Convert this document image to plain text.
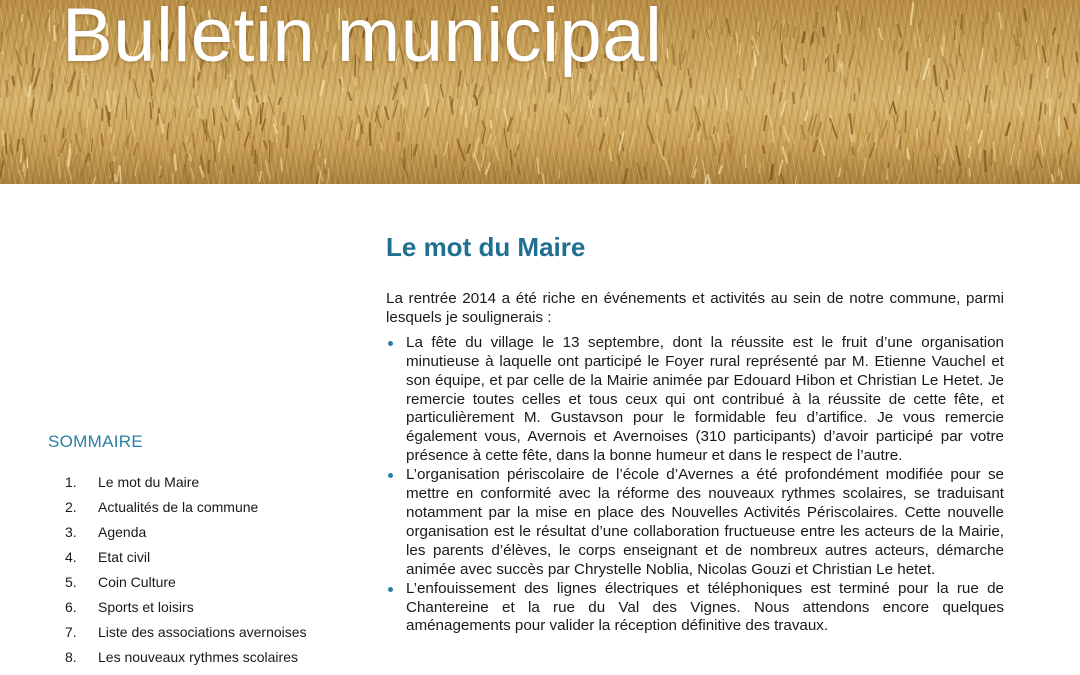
Bulletin municipal
SOMMAIRE
1. Le mot du Maire
2. Actualités de la commune
3. Agenda
4. Etat civil
5. Coin Culture
6. Sports et loisirs
7. Liste des associations avernoises
8. Les nouveaux rythmes scolaires
Le mot du Maire

La rentrée 2014 a été riche en événements et activités au sein de notre commune, parmi lesquels je soulignerais :

La fête du village le 13 septembre, dont la réussite est le fruit d’une organisation minutieuse à laquelle ont participé le Foyer rural représenté par M. Etienne Vauchel et son équipe, et par celle de la Mairie animée par Edouard Hibon et Christian Le Hetet. Je remercie toutes celles et tous ceux qui ont contribué à la réussite de cette fête, et particulièrement M. Gustavson pour le formidable feu d’artifice. Je vous remercie également vous, Avernois et Avernoises (310 participants) d’avoir participé par votre présence à cette fête, dans la bonne humeur et dans le respect de l’autre.
L’organisation périscolaire de l’école d’Avernes a été profondément modifiée pour se mettre en conformité avec la réforme des nouveaux rythmes scolaires, se traduisant notamment par la mise en place des Nouvelles Activités Périscolaires. Cette nouvelle organisation est le résultat d’une collaboration fructueuse entre les acteurs de la Mairie, les parents d’élèves, le corps enseignant et de nombreux autres acteurs, démarche animée avec succès par Chrystelle Noblia, Nicolas Gouzi et Christian Le hetet.
L’enfouissement des lignes électriques et téléphoniques est terminé pour la rue de Chantereine et la rue du Val des Vignes. Nous attendons encore quelques aménagements pour valider la réception définitive des travaux.
